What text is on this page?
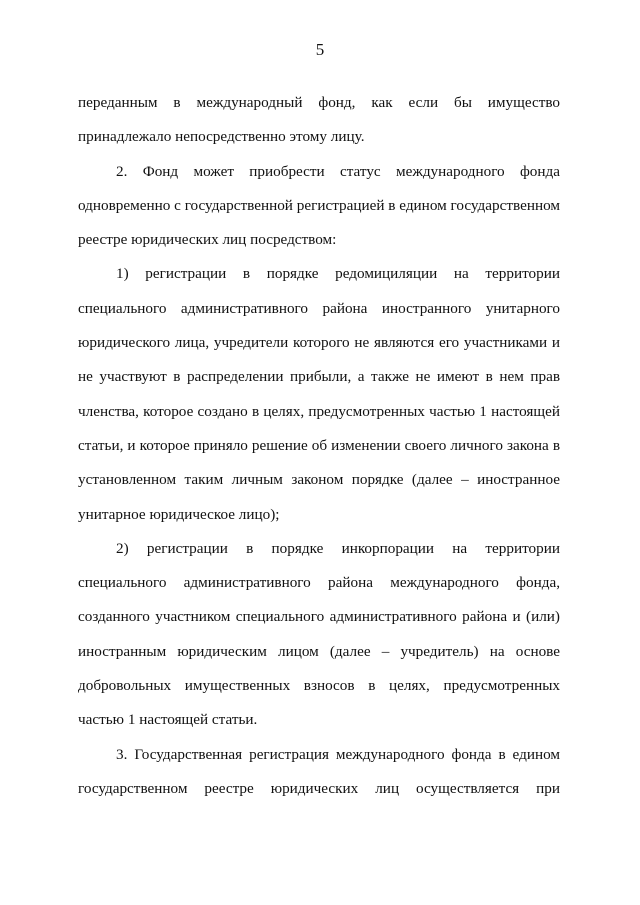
5

переданным в международный фонд, как если бы имущество принадлежало непосредственно этому лицу.

2. Фонд может приобрести статус международного фонда одновременно с государственной регистрацией в едином государственном реестре юридических лиц посредством:

1) регистрации в порядке редомициляции на территории специального административного района иностранного унитарного юридического лица, учредители которого не являются его участниками и не участвуют в распределении прибыли, а также не имеют в нем прав членства, которое создано в целях, предусмотренных частью 1 настоящей статьи, и которое приняло решение об изменении своего личного закона в установленном таким личным законом порядке (далее – иностранное унитарное юридическое лицо);

2) регистрации в порядке инкорпорации на территории специального административного района международного фонда, созданного участником специального административного района и (или) иностранным юридическим лицом (далее – учредитель) на основе добровольных имущественных взносов в целях, предусмотренных частью 1 настоящей статьи.

3. Государственная регистрация международного фонда в едином государственном реестре юридических лиц осуществляется при
